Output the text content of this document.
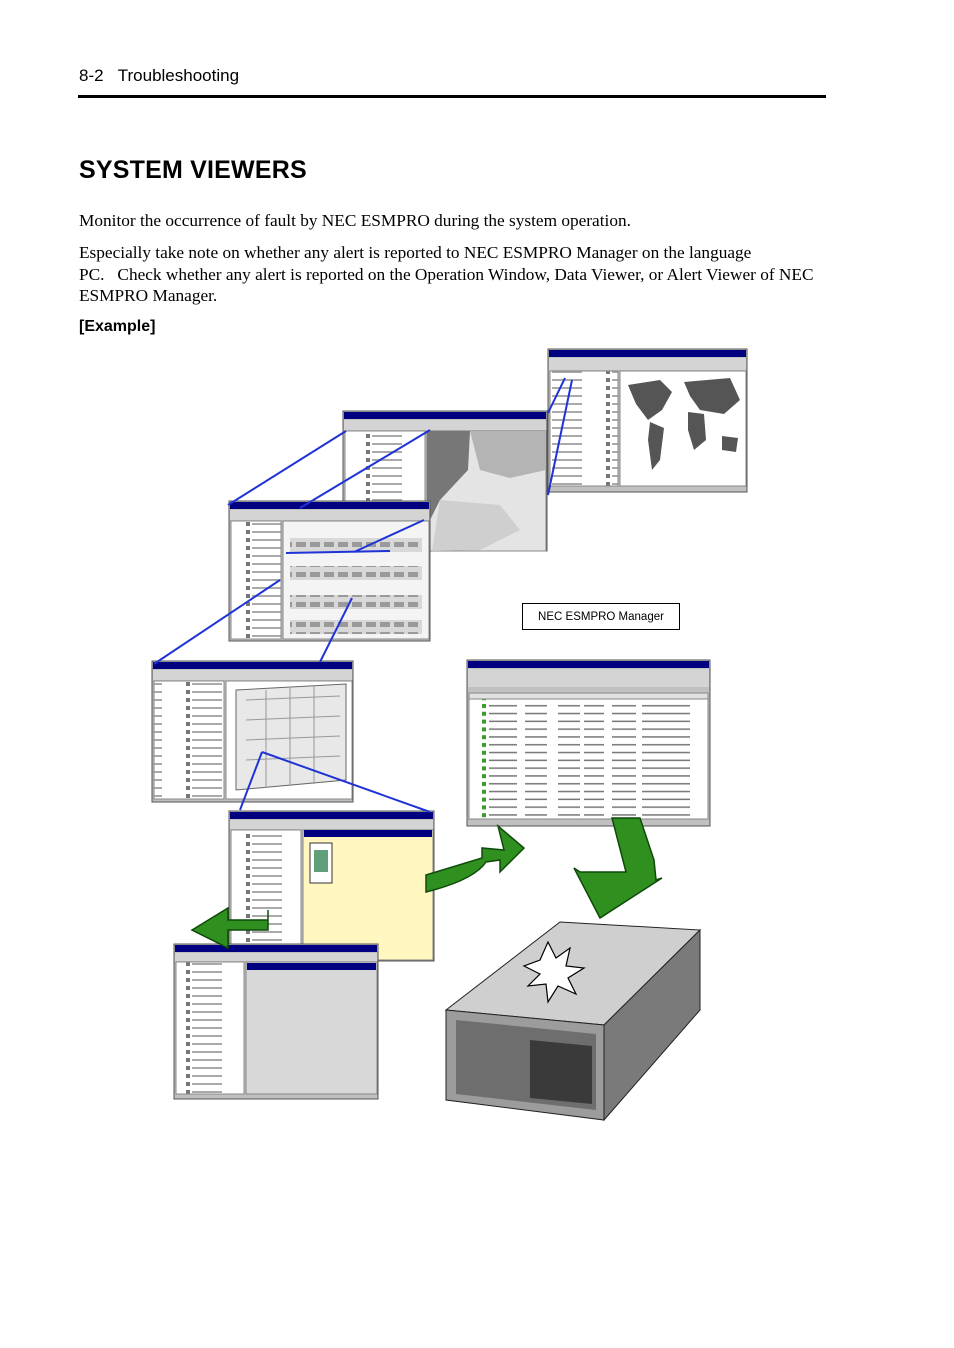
8-2 Troubleshooting
SYSTEM VIEWERS

Monitor the occurrence of fault by NEC ESMPRO during the system operation.

Especially take note on whether any alert is reported to NEC ESMPRO Manager on the language PC.   Check whether any alert is reported on the Operation Window, Data Viewer, or Alert Viewer of NEC ESMPRO Manager.

[Example]
NEC ESMPRO Manager
